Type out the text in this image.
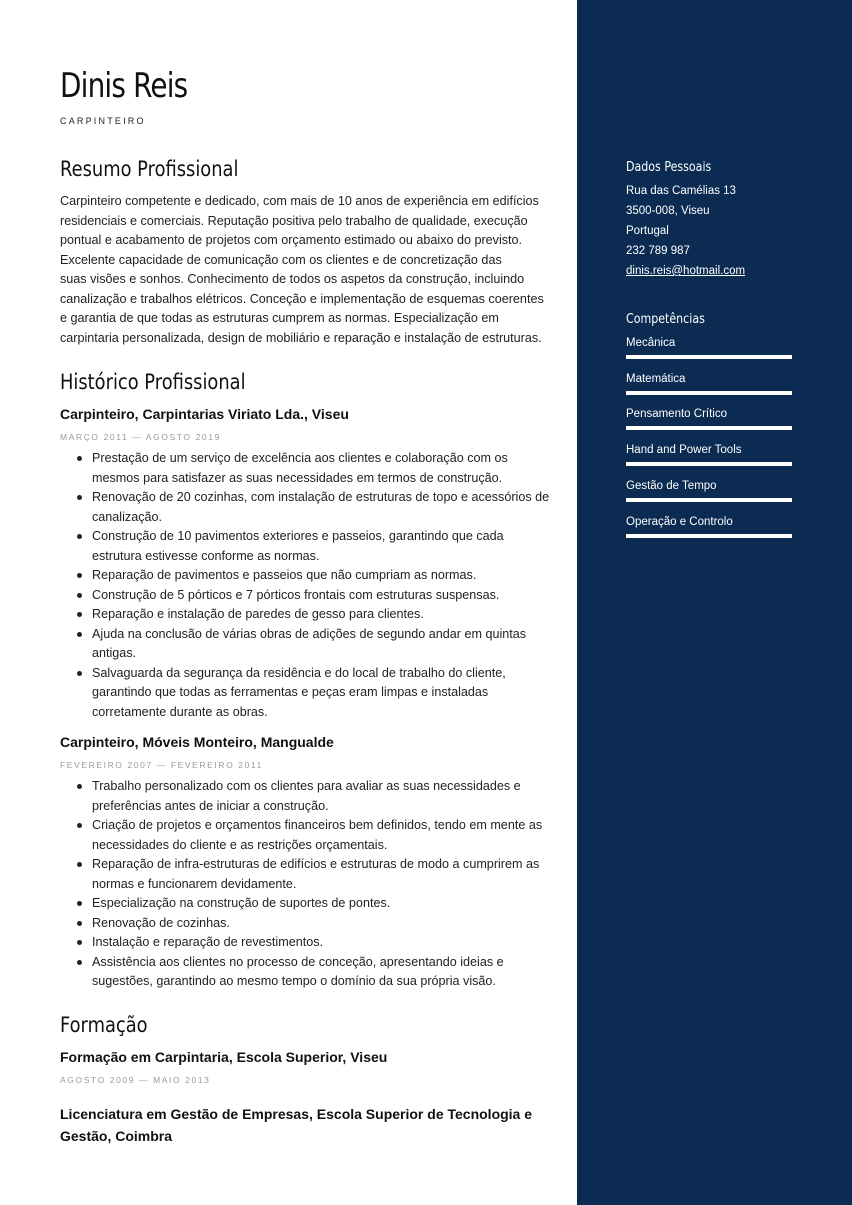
Dinis Reis

CARPINTEIRO

Resumo Profissional
Carpinteiro competente e dedicado, com mais de 10 anos de experiência em edifícios
residenciais e comerciais. Reputação positiva pelo trabalho de qualidade, execução
pontual e acabamento de projetos com orçamento estimado ou abaixo do previsto.
Excelente capacidade de comunicação com os clientes e de concretização das
suas visões e sonhos. Conhecimento de todos os aspetos da construção, incluindo
canalização e trabalhos elétricos. Conceção e implementação de esquemas coerentes
e garantia de que todas as estruturas cumprem as normas. Especialização em
carpintaria personalizada, design de mobiliário e reparação e instalação de estruturas.
Histórico Profissional

Carpinteiro, Carpintarias Viriato Lda., Viseu

MARÇO 2011 — AGOSTO 2019

Prestação de um serviço de excelência aos clientes e colaboração com os
mesmos para satisfazer as suas necessidades em termos de construção.
Renovação de 20 cozinhas, com instalação de estruturas de topo e acessórios de
canalização.
Construção de 10 pavimentos exteriores e passeios, garantindo que cada
estrutura estivesse conforme as normas.
Reparação de pavimentos e passeios que não cumpriam as normas.
Construção de 5 pórticos e 7 pórticos frontais com estruturas suspensas.
Reparação e instalação de paredes de gesso para clientes.
Ajuda na conclusão de várias obras de adições de segundo andar em quintas
antigas.
Salvaguarda da segurança da residência e do local de trabalho do cliente,
garantindo que todas as ferramentas e peças eram limpas e instaladas
corretamente durante as obras.

Carpinteiro, Móveis Monteiro, Mangualde

FEVEREIRO 2007 — FEVEREIRO 2011

Trabalho personalizado com os clientes para avaliar as suas necessidades e
preferências antes de iniciar a construção.
Criação de projetos e orçamentos financeiros bem definidos, tendo em mente as
necessidades do cliente e as restrições orçamentais.
Reparação de infra-estruturas de edifícios e estruturas de modo a cumprirem as
normas e funcionarem devidamente.
Especialização na construção de suportes de pontes.
Renovação de cozinhas.
Instalação e reparação de revestimentos.
Assistência aos clientes no processo de conceção, apresentando ideias e
sugestões, garantindo ao mesmo tempo o domínio da sua própria visão.
Formação

Formação em Carpintaria, Escola Superior, Viseu

AGOSTO 2009 — MAIO 2013

Licenciatura em Gestão de Empresas, Escola Superior de Tecnologia e

Gestão, Coimbra

Dados Pessoais

Rua das Camélias 13

3500-008, Viseu

Portugal

232 789 987

dinis.reis@hotmail.com

Competências

Mecânica

Matemática

Pensamento Crítico

Hand and Power Tools

Gestão de Tempo

Operação e Controlo
